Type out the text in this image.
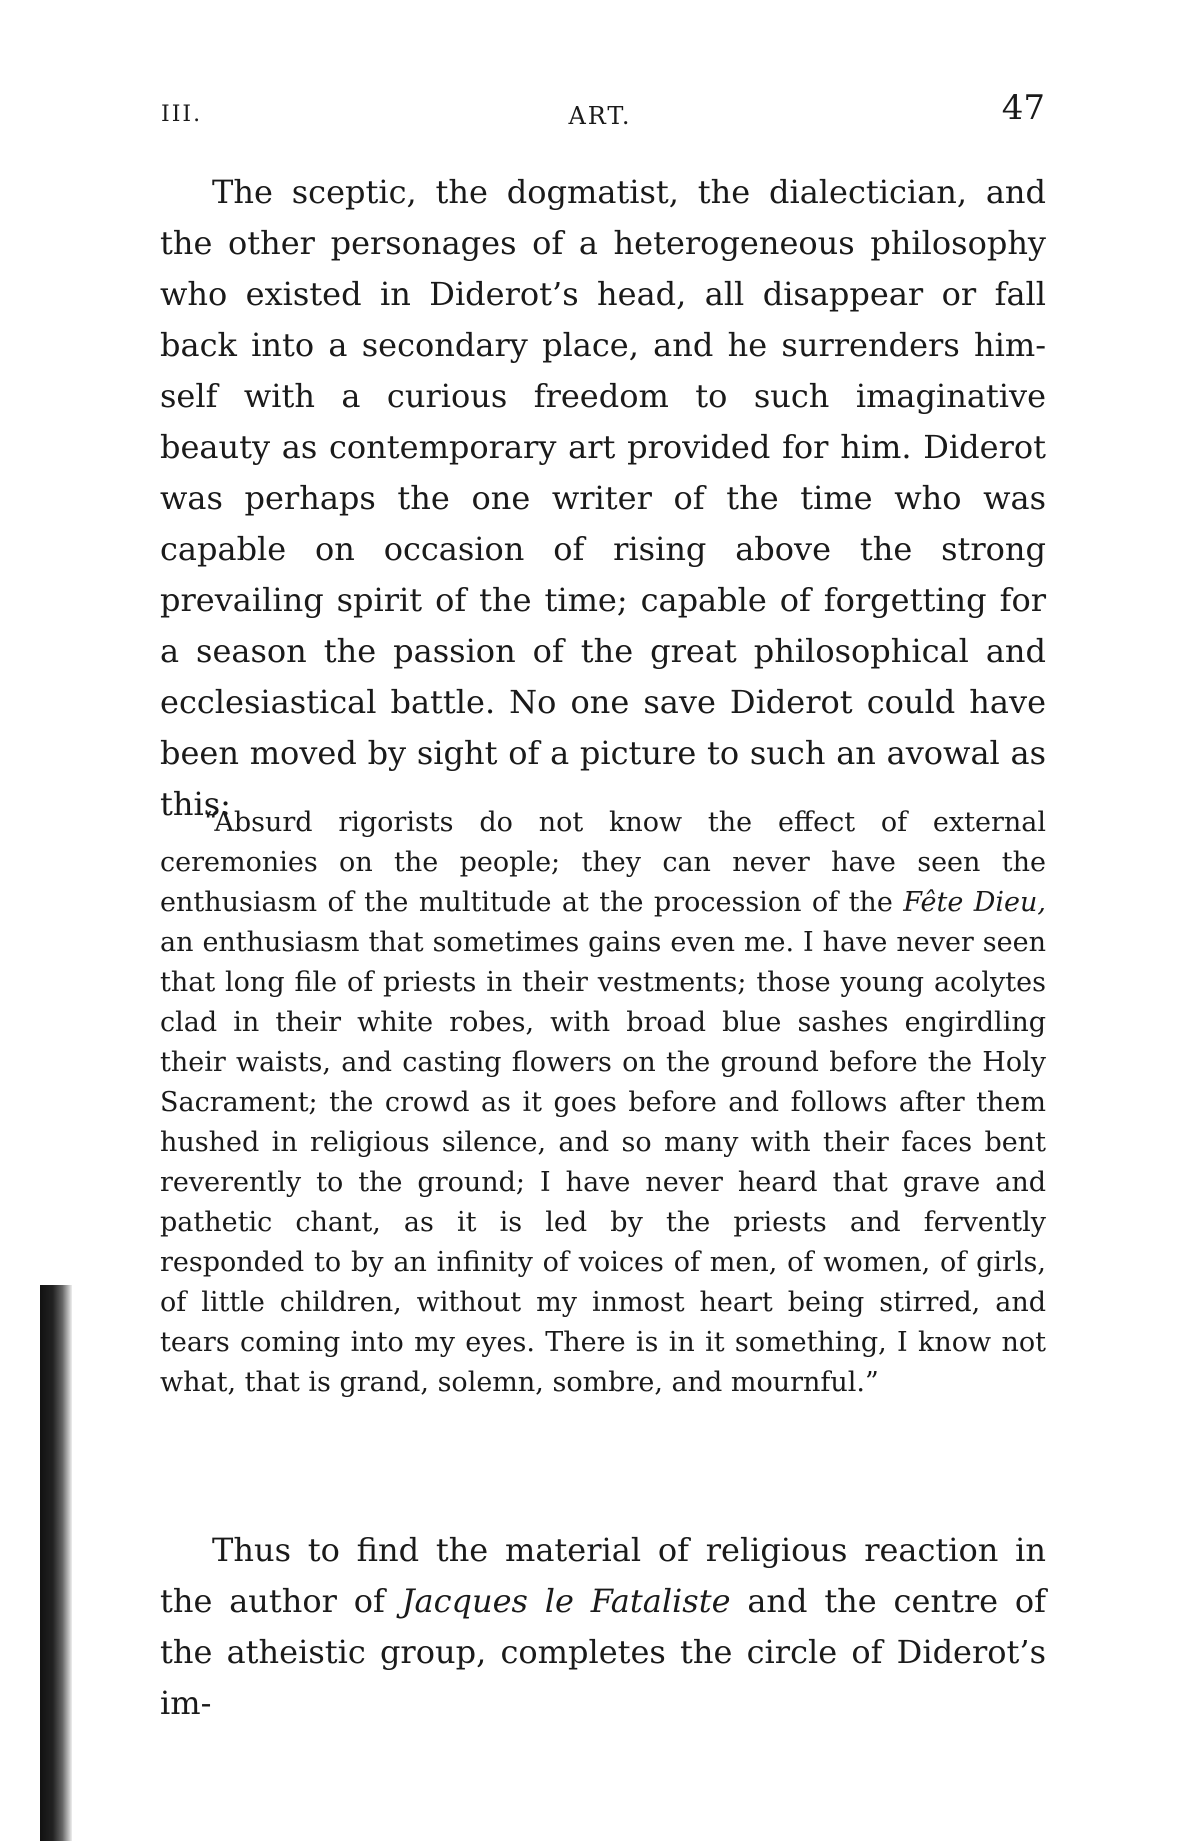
III.	ART.	47

The sceptic, the dogmatist, the dialectician, and the other personages of a heterogeneous philosophy who existed in Diderot’s head, all disappear or fall back into a secondary place, and he surrenders himself with a curious freedom to such imaginative beauty as contemporary art provided for him. Diderot was perhaps the one writer of the time who was capable on occasion of rising above the strong prevailing spirit of the time; capable of forgetting for a season the passion of the great philosophical and ecclesiastical battle. No one save Diderot could have been moved by sight of a picture to such an avowal as this:

“Absurd rigorists do not know the effect of external ceremonies on the people; they can never have seen the enthusiasm of the multitude at the procession of the Fête Dieu, an enthusiasm that sometimes gains even me. I have never seen that long file of priests in their vestments; those young acolytes clad in their white robes, with broad blue sashes engirdling their waists, and casting flowers on the ground before the Holy Sacrament; the crowd as it goes before and follows after them hushed in religious silence, and so many with their faces bent reverently to the ground; I have never heard that grave and pathetic chant, as it is led by the priests and fervently responded to by an infinity of voices of men, of women, of girls, of little children, without my inmost heart being stirred, and tears coming into my eyes. There is in it something, I know not what, that is grand, solemn, sombre, and mournful.”

Thus to find the material of religious reaction in the author of Jacques le Fataliste and the centre of the atheistic group, completes the circle of Diderot’s im-
